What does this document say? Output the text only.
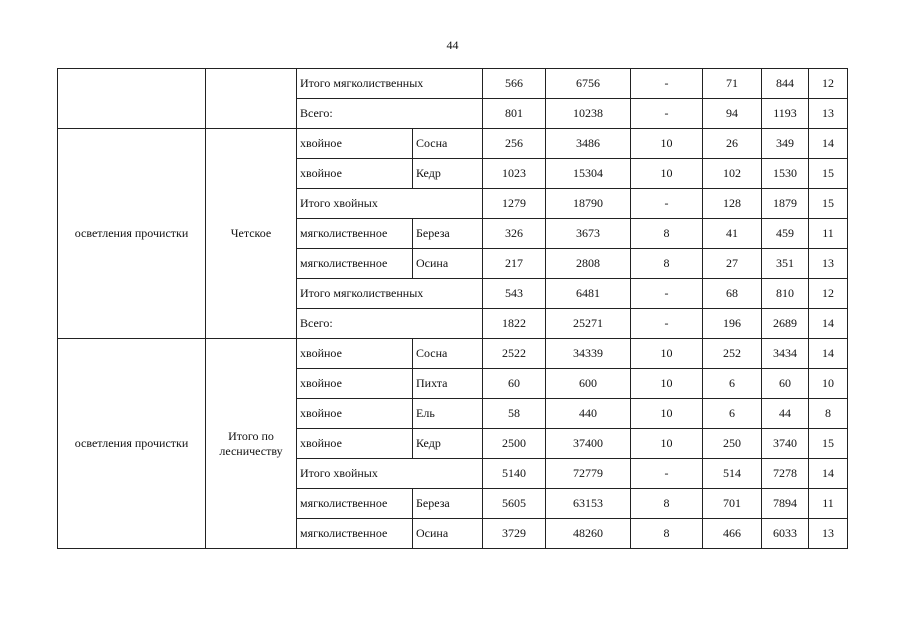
44
		Итого мягколиственных		566	6756	-	71	844	12
		Всего:		801	10238	-	94	1193	13
осветления прочистки	Четское	хвойное	Сосна	256	3486	10	26	349	14
		хвойное	Кедр	1023	15304	10	102	1530	15
		Итого хвойных		1279	18790	-	128	1879	15
		мягколиственное	Береза	326	3673	8	41	459	11
		мягколиственное	Осина	217	2808	8	27	351	13
		Итого мягколиственных		543	6481	-	68	810	12
		Всего:		1822	25271	-	196	2689	14
осветления прочистки	Итого по лесничеству	хвойное	Сосна	2522	34339	10	252	3434	14
		хвойное	Пихта	60	600	10	6	60	10
		хвойное	Ель	58	440	10	6	44	8
		хвойное	Кедр	2500	37400	10	250	3740	15
		Итого хвойных		5140	72779	-	514	7278	14
		мягколиственное	Береза	5605	63153	8	701	7894	11
		мягколиственное	Осина	3729	48260	8	466	6033	13
